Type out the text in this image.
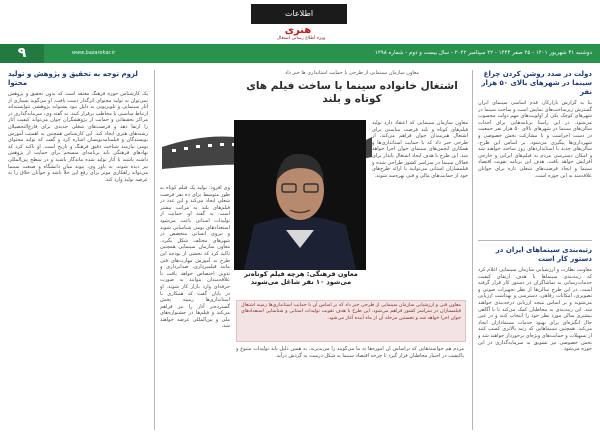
اطلاعات
هنری
ویژه اطلاع رسانی اشتغال
۹	www.bazarekar.ir	دوشنبه ۳۱ شهریور ۱۴۰۱ - ۲۵ صفر ۱۴۴۴ - ۲۲ سپتامبر ۲۰۲۲ - سال بیست و دوم - شماره ۱۲۹۸

دولت در صدد روشن کردن چراغ سینما در شهرهای بالای ۵۰ هزار نفر

بنا به گزارش بازارکار، قدم اساسی سینمای ایران گسترش زیرساخت‌های نمایش است و ساخت سینما در شهرهای کوچک یکی از اولویت‌های مهم دولت محسوب می‌شود. در این راستا برنامه‌هایی برای احداث سالن‌های سینما در شهرهای بالای ۵۰ هزار نفر جمعیت در دست اجراست و با مشارکت بخش خصوصی و شهرداری‌ها پیگیری می‌شود. بر اساس این طرح، سالن‌های جدید با استانداردهای روز ساخته خواهند شد و امکان دسترسی مردم به فیلم‌های ایرانی و خارجی افزایش خواهد یافت. هدف این برنامه تقویت اقتصاد سینما و ایجاد فرصت‌های شغلی تازه برای جوانان علاقه‌مند به این حوزه است.

رتبه‌بندی سینماهای ایران در دستور کار است

معاونت نظارت و ارزشیابی سازمان سینمایی اعلام کرد که رتبه‌بندی سینماها با هدف ارتقای کیفیت خدمات‌رسانی به تماشاگران در دستور کار قرار گرفته است. در این طرح سالن‌ها از نظر تجهیزات صوتی و تصویری، امکانات رفاهی، دسترسی و بهداشت ارزیابی می‌شوند و بر اساس نتیجه ارزیابی درجه‌بندی خواهند شد. این رتبه‌بندی به مخاطبان کمک می‌کند تا با آگاهی بیشتری سالن مورد نظر خود را انتخاب کنند و در عین حال انگیزه‌ای برای بهبود خدمات سینماداران ایجاد می‌کند. همچنین سینماهایی که رتبه بالاتری کسب کنند از تسهیلات و حمایت‌های ویژه‌ای برخوردار خواهند شد و بخش خصوصی نیز تشویق به سرمایه‌گذاری در این حوزه می‌شود.

معاون سازمان سینمایی از طرحی با حمایت استانداری ها خبر داد
اشتغال خانواده سینما با ساخت فیلم های کوتاه و بلند

معاون سازمان سینمایی که اعتقاد دارد تولید فیلم‌های کوتاه و بلند فرصت مناسبی برای اشتغال هنرمندان جوان فراهم می‌کند، از طرحی خبر داد که با حمایت استانداری‌ها و همکاری انجمن‌های سینمای جوان اجرا خواهد شد. این طرح با هدف ایجاد اشتغال پایدار برای فعالان سینما در سراسر کشور طراحی شده و فیلمسازان استانی می‌توانند با ارائه طرح‌های خود از حمایت‌های مالی و فنی بهره‌مند شوند.

معاون فرهنگی: هرچه فیلم کوتاه‌تر می‌شود ۱۰ نفر شاغل می‌شوند

معاون فنی و ارزشیابی سازمان سینمایی از طرحی خبر داد که بر اساس آن با حمایت استانداری‌ها زمینه اشتغال فیلمسازان در سراسر کشور فراهم می‌شود. این طرح با هدف تقویت تولیدات استانی و شناسایی استعدادهای جوان اجرا خواهد شد و نخستین مرحله آن از ماه آینده آغاز می‌شود.

وی افزود: تولید یک فیلم کوتاه به طور متوسط برای ده نفر فرصت شغلی ایجاد می‌کند و این عدد در فیلم‌های بلند به مراتب بیشتر است. به گفته او، حمایت از تولیدات استانی باعث می‌شود استعدادهای بومی شناسایی شوند و نیروی انسانی متخصص در شهرهای مختلف شکل بگیرد. معاون سازمان سینمایی همچنین تاکید کرد که بخشی از بودجه این طرح به آموزش مهارت‌های فنی مانند فیلمبرداری، صدابرداری و تدوین اختصاص خواهد یافت تا علاقه‌مندان بتوانند به صورت حرفه‌ای وارد بازار کار شوند. او در پایان گفت که همکاری با استانداری‌ها زمینه پخش گسترده‌تر آثار را نیز فراهم می‌کند و فیلم‌ها در جشنواره‌های ملی و بین‌المللی عرضه خواهند شد.

مردم هم خواسته‌هایی که براساس آن آموزه‌ها به ما می‌گویند را می‌پذیرند. به همین دلیل باید تولیدات متنوع و باکیفیت در اختیار مخاطبان قرار گیرد تا چرخه اقتصاد سینما به شکل درست به گردش درآید.

لزوم توجه به تحقیق و پژوهش و تولید محتوا

یک کارشناس حوزه فرهنگ معتقد است که بدون تحقیق و پژوهش نمی‌توان به تولید محتوای اثرگذار دست یافت. او می‌گوید بسیاری از آثار سینمایی و تلویزیونی به دلیل نبود پشتوانه پژوهشی نتوانسته‌اند ارتباط مناسبی با مخاطب برقرار کنند. به گفته وی، سرمایه‌گذاری در مراکز تحقیقاتی و حمایت از پژوهشگران جوان می‌تواند کیفیت آثار را ارتقا دهد و فرصت‌های شغلی جدیدی برای فارغ‌التحصیلان رشته‌های هنری ایجاد کند. این کارشناس همچنین به اهمیت آموزش نویسندگان و فیلمنامه‌نویسان اشاره کرد و گفت که تولید محتوای بومی نیازمند شناخت دقیق فرهنگ و تاریخ است. او تاکید کرد که نهادهای فرهنگی باید برنامه‌ای منسجم برای حمایت از پژوهش داشته باشند تا آثار تولید شده ماندگار باشند و در سطح بین‌المللی نیز دیده شوند. به باور وی، پیوند میان دانشگاه و صنعت سینما می‌تواند راهکاری موثر برای رفع این خلأ باشد و جوانان خلاق را به عرصه تولید وارد کند.
